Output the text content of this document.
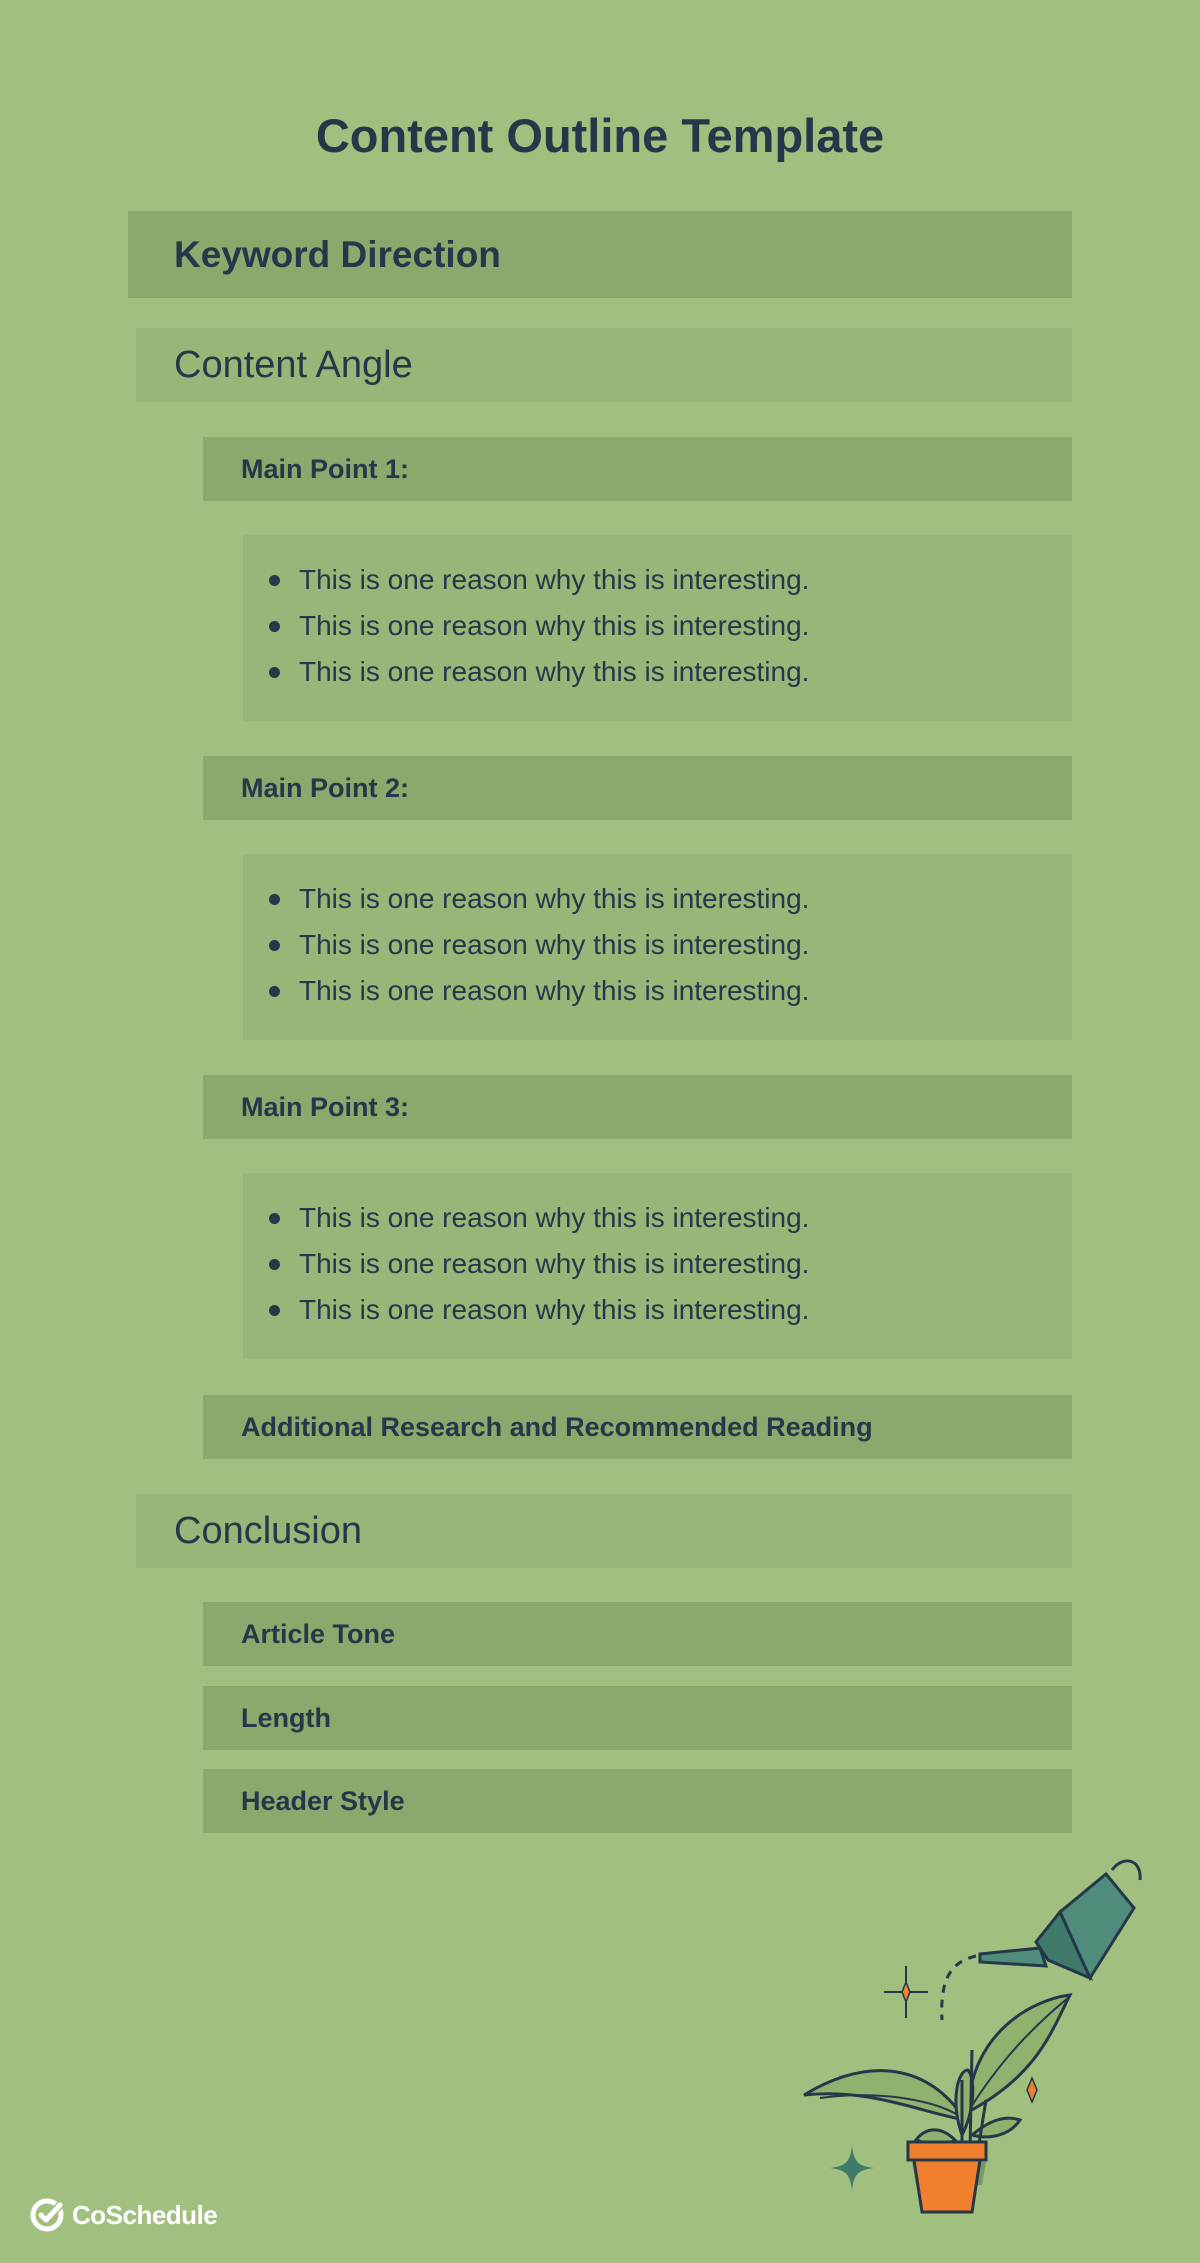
Content Outline Template
Keyword Direction
Content Angle
Main Point 1:
This is one reason why this is interesting.
This is one reason why this is interesting.
This is one reason why this is interesting.
Main Point 2:
This is one reason why this is interesting.
This is one reason why this is interesting.
This is one reason why this is interesting.
Main Point 3:
This is one reason why this is interesting.
This is one reason why this is interesting.
This is one reason why this is interesting.
Additional Research and Recommended Reading
Conclusion
Article Tone
Length
Header Style
CoSchedule
